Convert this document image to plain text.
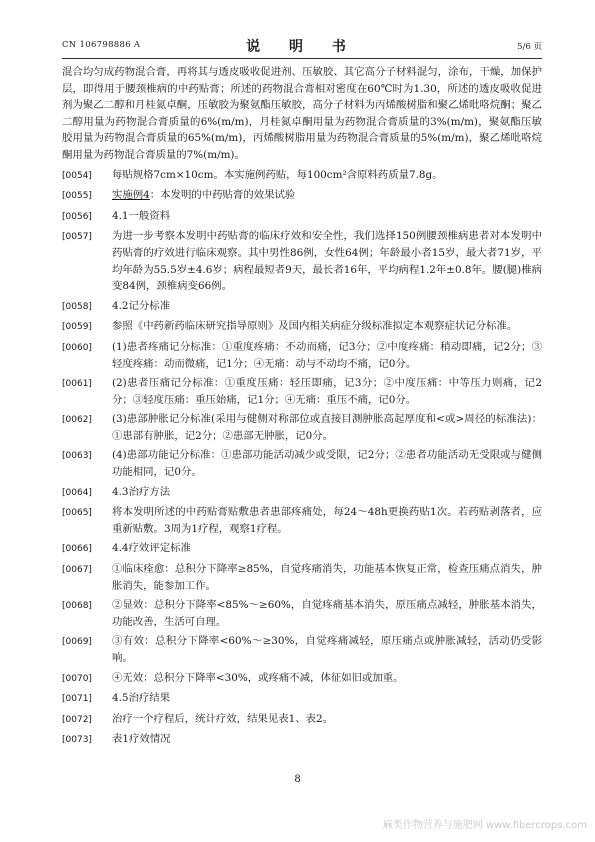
CN 106798886 A	说 明 书	5/6 页

混合均匀成药物混合膏，再将其与透皮吸收促进剂、压敏胶、其它高分子材料混匀，涂布，干燥，加保护层，即得用于腰颈椎病的中药贴膏；所述的药物混合膏相对密度在60℃时为1.30，所述的透皮吸收促进剂为聚乙二醇和月桂氮卓酮，压敏胶为聚氨酯压敏胶，高分子材料为丙烯酸树脂和聚乙烯吡咯烷酮；聚乙二醇用量为药物混合膏质量的6%(m/m)，月桂氮卓酮用量为药物混合膏质量的3%(m/m)，聚氨酯压敏胶用量为药物混合膏质量的65%(m/m)，丙烯酸树脂用量为药物混合膏质量的5%(m/m)，聚乙烯吡咯烷酮用量为药物混合膏质量的7%(m/m)。

[0054]	每贴规格7cm×10cm。本实施例药贴，每100cm²含原料药质量7.8g。
[0055]	实施例4：本发明的中药贴膏的效果试验
[0056]	4.1一般资料
[0057]	为进一步考察本发明中药贴膏的临床疗效和安全性，我们选择150例腰颈椎病患者对本发明中药贴膏的疗效进行临床观察。其中男性86例，女性64例；年龄最小者15岁，最大者71岁，平均年龄为55.5岁±4.6岁；病程最短者9天，最长者16年，平均病程1.2年±0.8年。腰(腿)椎病变84例，颈椎病变66例。
[0058]	4.2记分标准
[0059]	参照《中药新药临床研究指导原则》及国内相关病症分级标准拟定本观察症状记分标准。
[0060]	(1)患者疼痛记分标准：①重度疼痛：不动而痛，记3分；②中度疼痛：稍动即痛，记2分；③轻度疼痛：动而微痛，记1分；④无痛：动与不动均不痛，记0分。
[0061]	(2)患者压痛记分标准：①重度压痛：轻压即痛，记3分；②中度压痛：中等压力则痛，记2分；③轻度压痛：重压始痛，记1分；④无痛：重压不痛，记0分。
[0062]	(3)患部肿胀记分标准(采用与健侧对称部位或直接目测肿胀高起厚度和<或>周径的标准法)：①患部有肿胀，记2分；②患部无肿胀，记0分。
[0063]	(4)患部功能记分标准：①患部功能活动减少或受限，记2分；②患者功能活动无受限或与健侧功能相同，记0分。
[0064]	4.3治疗方法
[0065]	将本发明所述的中药贴膏贴敷患者患部疼痛处，每24～48h更换药贴1次。若药贴剥落者，应重新贴敷。3周为1疗程，观察1疗程。
[0066]	4.4疗效评定标准
[0067]	①临床痊愈：总积分下降率≥85%，自觉疼痛消失，功能基本恢复正常，检查压痛点消失，肿胀消失，能参加工作。
[0068]	②显效：总积分下降率<85%～≥60%，自觉疼痛基本消失，原压痛点减轻，肿胀基本消失，功能改善，生活可自理。
[0069]	③有效：总积分下降率<60%～≥30%，自觉疼痛减轻，原压痛点或肿胀减轻，活动仍受影响。
[0070]	④无效：总积分下降率<30%，或疼痛不减，体征如旧或加重。
[0071]	4.5治疗结果
[0072]	治疗一个疗程后，统计疗效，结果见表1、表2。
[0073]	表1疗效情况
8
麻类作物营养与施肥网 www.fibercrops.com
